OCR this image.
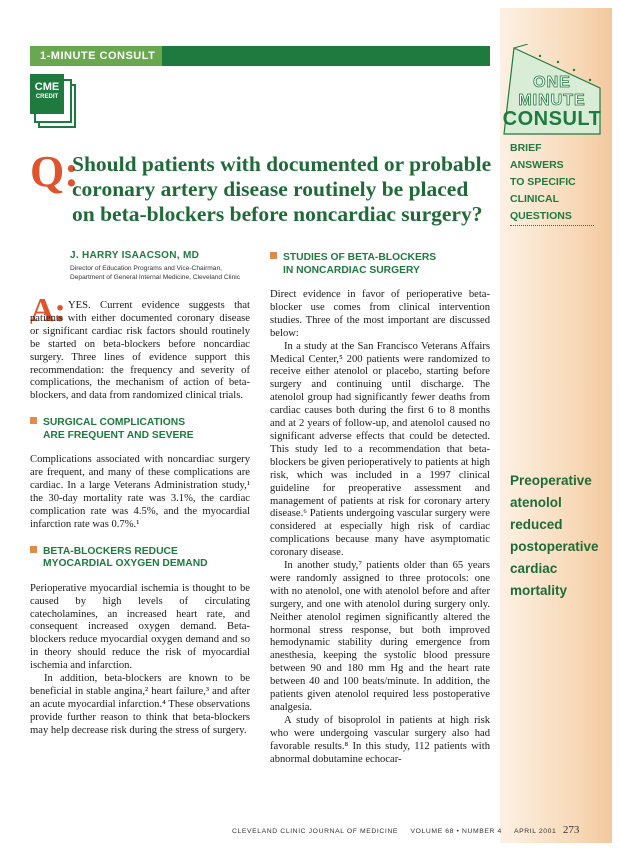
1-MINUTE CONSULT
CME
CREDIT
ONE
MINUTE
CONSULT
BRIEF
ANSWERS
TO SPECIFIC
CLINICAL
QUESTIONS
Q:
Should patients with documented or probable coronary artery disease routinely be placed on beta-blockers before noncardiac surgery?
J. HARRY ISAACSON, MD
Director of Education Programs and Vice-Chairman,
Department of General Internal Medicine, Cleveland Clinic
A: YES. Current evidence suggests that patients with either documented coronary disease or significant cardiac risk factors should routinely be started on beta-blockers before noncardiac surgery. Three lines of evidence support this recommendation: the frequency and severity of complications, the mechanism of action of beta-blockers, and data from randomized clinical trials.

SURGICAL COMPLICATIONS
ARE FREQUENT AND SEVERE

Complications associated with noncardiac surgery are frequent, and many of these complications are cardiac. In a large Veterans Administration study,¹ the 30-day mortality rate was 3.1%, the cardiac complication rate was 4.5%, and the myocardial infarction rate was 0.7%.¹

BETA-BLOCKERS REDUCE
MYOCARDIAL OXYGEN DEMAND

Perioperative myocardial ischemia is thought to be caused by high levels of circulating catecholamines, an increased heart rate, and consequent increased oxygen demand. Beta-blockers reduce myocardial oxygen demand and so in theory should reduce the risk of myocardial ischemia and infarction.

In addition, beta-blockers are known to be beneficial in stable angina,² heart failure,³ and after an acute myocardial infarction.⁴ These observations provide further reason to think that beta-blockers may help decrease risk during the stress of surgery.

STUDIES OF BETA-BLOCKERS
IN NONCARDIAC SURGERY

Direct evidence in favor of perioperative beta-blocker use comes from clinical intervention studies. Three of the most important are discussed below:

In a study at the San Francisco Veterans Affairs Medical Center,⁵ 200 patients were randomized to receive either atenolol or placebo, starting before surgery and continuing until discharge. The atenolol group had significantly fewer deaths from cardiac causes both during the first 6 to 8 months and at 2 years of follow-up, and atenolol caused no significant adverse effects that could be detected. This study led to a recommendation that beta-blockers be given perioperatively to patients at high risk, which was included in a 1997 clinical guideline for preoperative assessment and management of patients at risk for coronary artery disease.⁶ Patients undergoing vascular surgery were considered at especially high risk of cardiac complications because many have asymptomatic coronary disease.

In another study,⁷ patients older than 65 years were randomly assigned to three protocols: one with no atenolol, one with atenolol before and after surgery, and one with atenolol during surgery only. Neither atenolol regimen significantly altered the hormonal stress response, but both improved hemodynamic stability during emergence from anesthesia, keeping the systolic blood pressure between 90 and 180 mm Hg and the heart rate between 40 and 100 beats/minute. In addition, the patients given atenolol required less postoperative analgesia.

A study of bisoprolol in patients at high risk who were undergoing vascular surgery also had favorable results.⁸ In this study, 112 patients with abnormal dobutamine echocar-

Preoperative
atenolol
reduced
postoperative
cardiac
mortality
CLEVELAND CLINIC JOURNAL OF MEDICINE VOLUME 68 • NUMBER 4 APRIL 2001 273
